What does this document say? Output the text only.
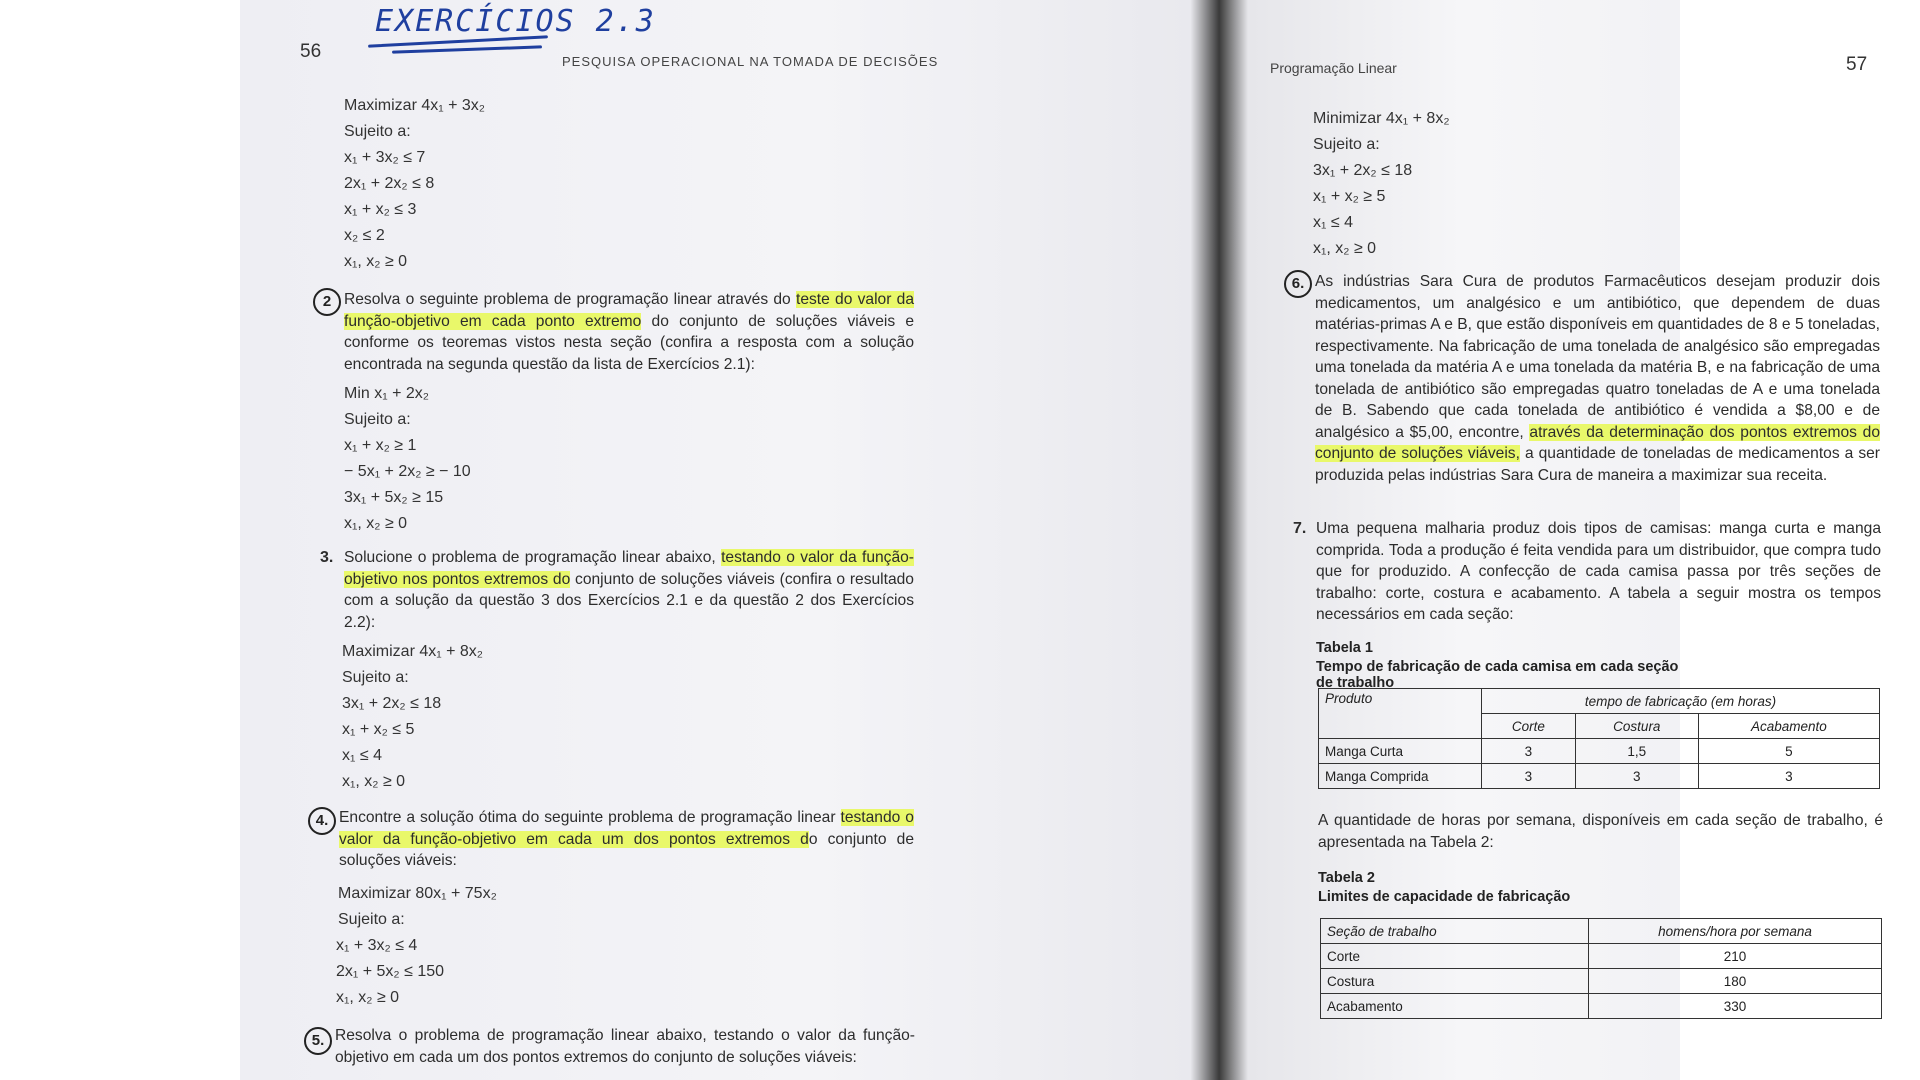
EXERCÍCIOS 2.3
56	PESQUISA OPERACIONAL NA TOMADA DE DECISÕES
Maximizar 4x₁ + 3x₂
Sujeito a:
x₁ + 3x₂ ≤ 7
2x₁ + 2x₂ ≤ 8
x₁ + x₂ ≤ 3
x₂ ≤ 2
x₁, x₂ ≥ 0
2 Resolva o seguinte problema de programação linear através do teste do valor da função-objetivo em cada ponto extremo do conjunto de soluções viáveis e conforme os teoremas vistos nesta seção (confira a resposta com a solução encontrada na segunda questão da lista de Exercícios 2.1):
Min x₁ + 2x₂
Sujeito a:
x₁ + x₂ ≥ 1
− 5x₁ + 2x₂ ≥ − 10
3x₁ + 5x₂ ≥ 15
x₁, x₂ ≥ 0
3. Solucione o problema de programação linear abaixo, testando o valor da função-objetivo nos pontos extremos do conjunto de soluções viáveis (confira o resultado com a solução da questão 3 dos Exercícios 2.1 e da questão 2 dos Exercícios 2.2):
Maximizar 4x₁ + 8x₂
Sujeito a:
3x₁ + 2x₂ ≤ 18
x₁ + x₂ ≤ 5
x₁ ≤ 4
x₁, x₂ ≥ 0
4. Encontre a solução ótima do seguinte problema de programação linear testando o valor da função-objetivo em cada um dos pontos extremos do conjunto de soluções viáveis:
Maximizar 80x₁ + 75x₂
Sujeito a:
x₁ + 3x₂ ≤ 4
2x₁ + 5x₂ ≤ 150
x₁, x₂ ≥ 0
5. Resolva o problema de programação linear abaixo, testando o valor da função-objetivo em cada um dos pontos extremos do conjunto de soluções viáveis:
Programação Linear	57
Minimizar 4x₁ + 8x₂
Sujeito a:
3x₁ + 2x₂ ≤ 18
x₁ + x₂ ≥ 5
x₁ ≤ 4
x₁, x₂ ≥ 0
6. As indústrias Sara Cura de produtos Farmacêuticos desejam produzir dois medicamentos, um analgésico e um antibiótico, que dependem de duas matérias-primas A e B, que estão disponíveis em quantidades de 8 e 5 toneladas, respectivamente. Na fabricação de uma tonelada de analgésico são empregadas uma tonelada da matéria A e uma tonelada da matéria B, e na fabricação de uma tonelada de antibiótico são empregadas quatro toneladas de A e uma tonelada de B. Sabendo que cada tonelada de antibiótico é vendida a $8,00 e de analgésico a $5,00, encontre, através da determinação dos pontos extremos do conjunto de soluções viáveis, a quantidade de toneladas de medicamentos a ser produzida pelas indústrias Sara Cura de maneira a maximizar sua receita.
7. Uma pequena malharia produz dois tipos de camisas: manga curta e manga comprida. Toda a produção é feita vendida para um distribuidor, que compra tudo que for produzido. A confecção de cada camisa passa por três seções de trabalho: corte, costura e acabamento. A tabela a seguir mostra os tempos necessários em cada seção:
Tabela 1
Tempo de fabricação de cada camisa em cada seção de trabalho
Produto	tempo de fabricação (em horas)		
	Corte	Costura	Acabamento
Manga Curta	3	1,5	5
Manga Comprida	3	3	3
A quantidade de horas por semana, disponíveis em cada seção de trabalho, é apresentada na Tabela 2:
Tabela 2
Limites de capacidade de fabricação
Seção de trabalho	homens/hora por semana
Corte	210
Costura	180
Acabamento	330
